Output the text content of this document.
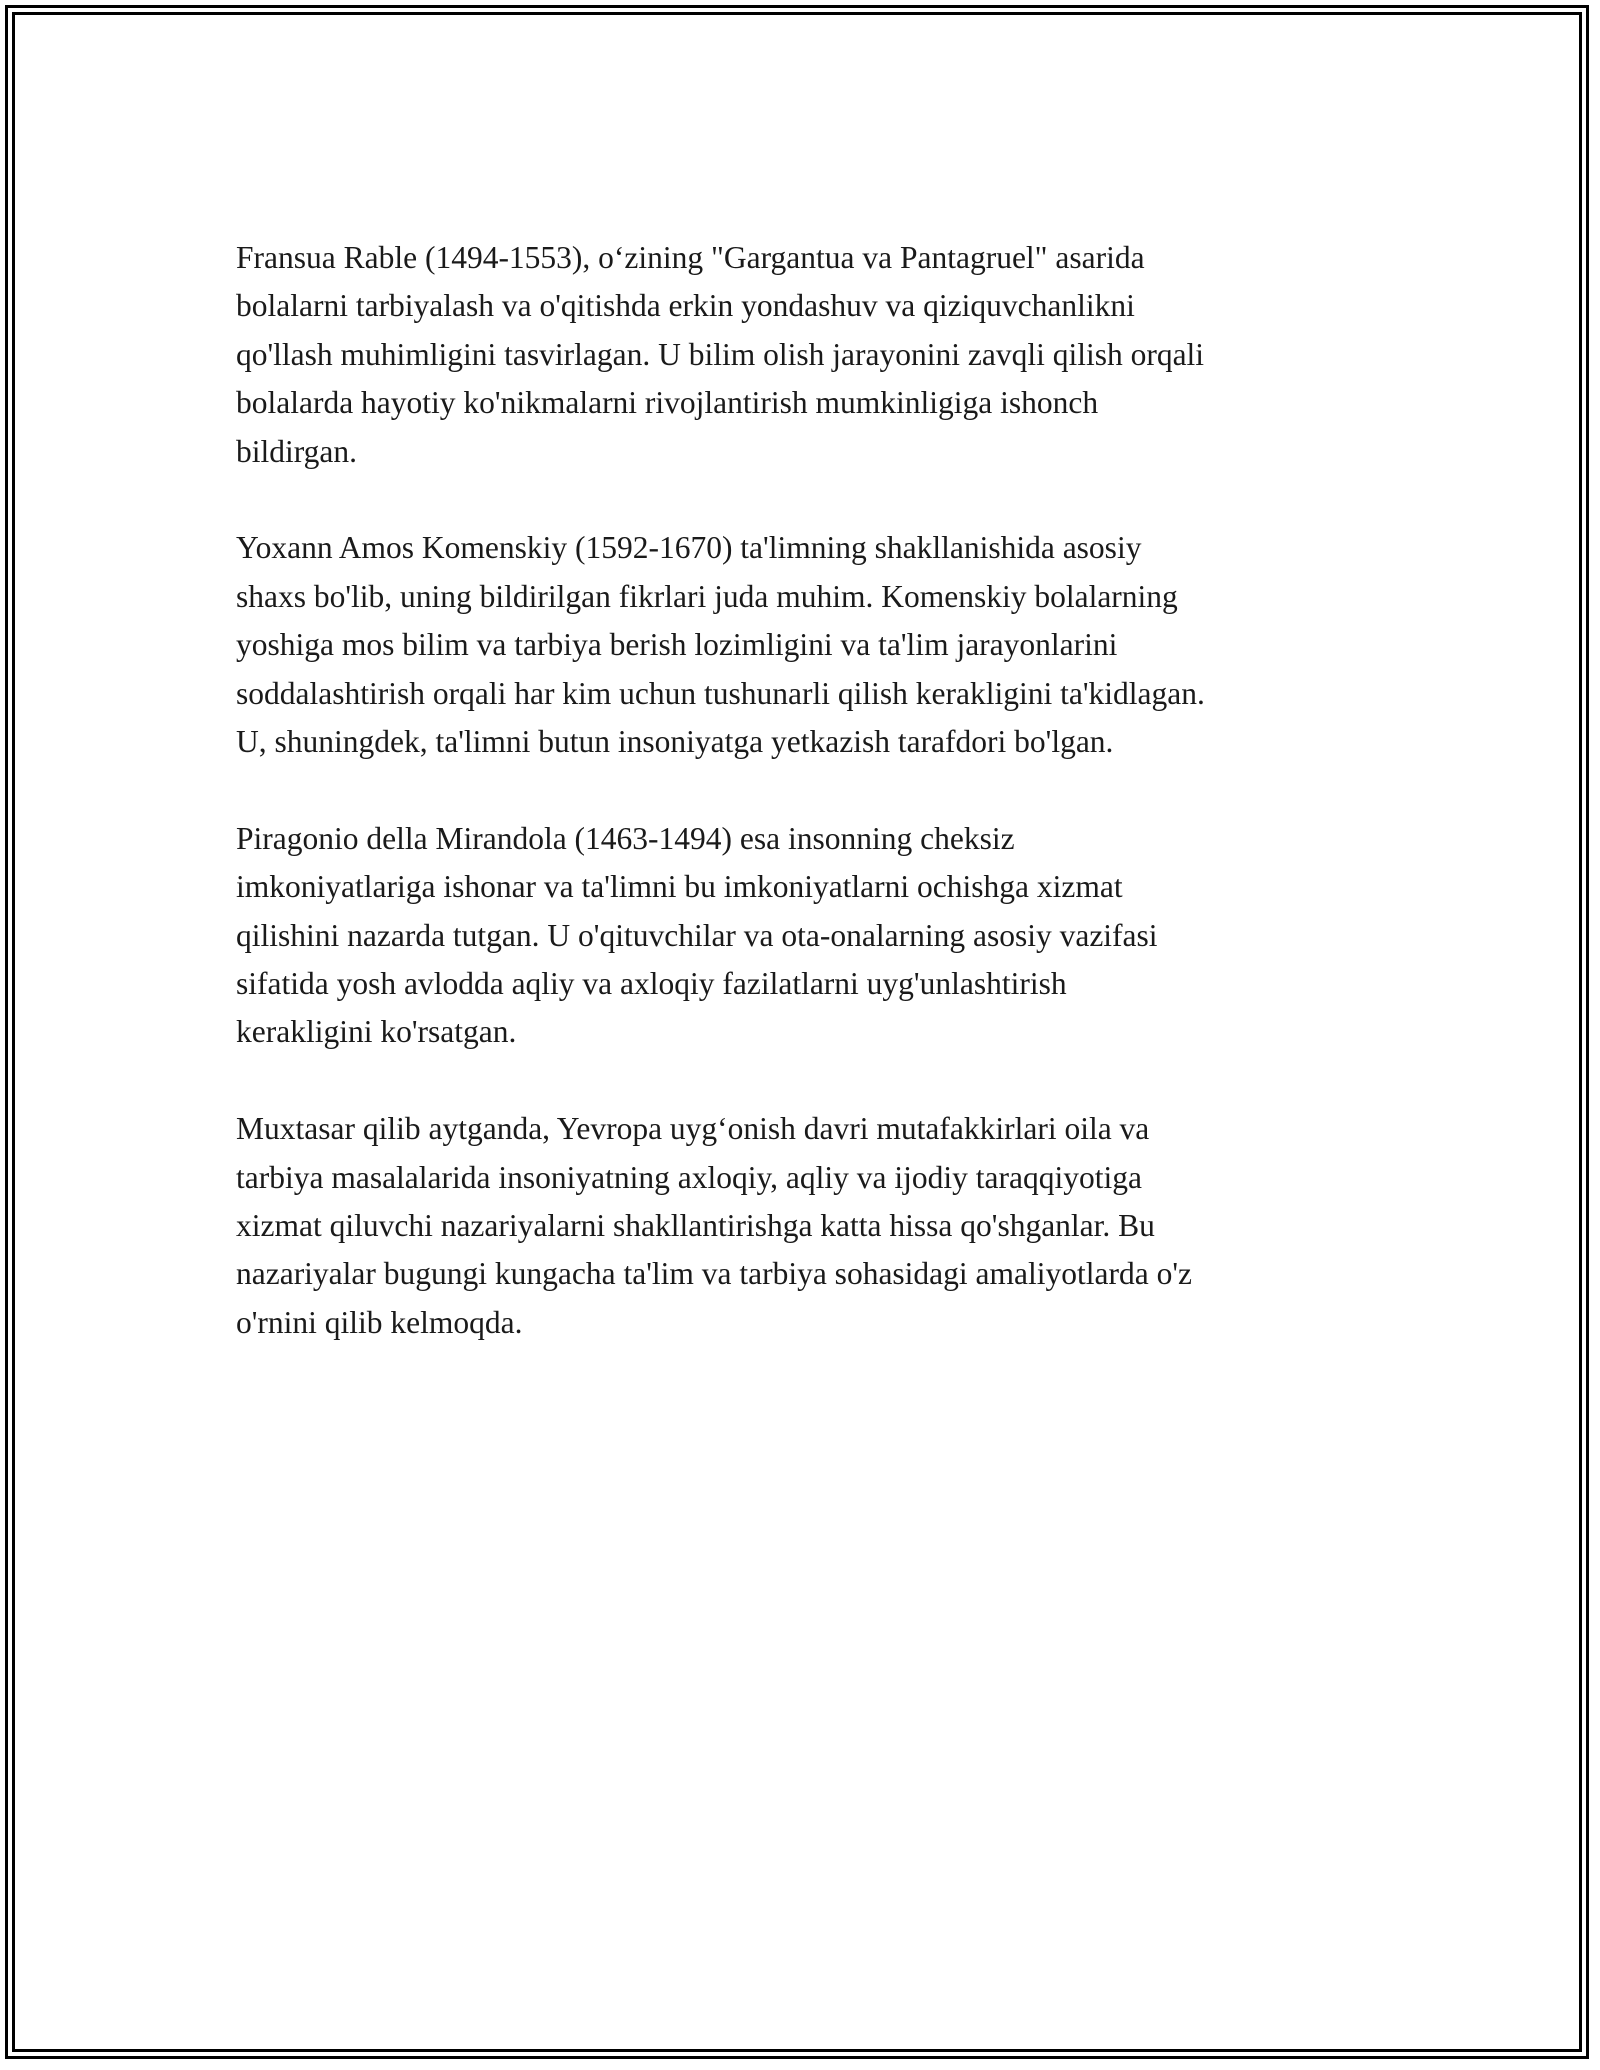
Fransua Rable (1494-1553), o‘zining "Gargantua va Pantagruel" asarida
bolalarni tarbiyalash va o'qitishda erkin yondashuv va qiziquvchanlikni
qo'llash muhimligini tasvirlagan. U bilim olish jarayonini zavqli qilish orqali
bolalarda hayotiy ko'nikmalarni rivojlantirish mumkinligiga ishonch
bildirgan.

Yoxann Amos Komenskiy (1592-1670) ta'limning shakllanishida asosiy
shaxs bo'lib, uning bildirilgan fikrlari juda muhim. Komenskiy bolalarning
yoshiga mos bilim va tarbiya berish lozimligini va ta'lim jarayonlarini
soddalashtirish orqali har kim uchun tushunarli qilish kerakligini ta'kidlagan.
U, shuningdek, ta'limni butun insoniyatga yetkazish tarafdori bo'lgan.

Piragonio della Mirandola (1463-1494) esa insonning cheksiz
imkoniyatlariga ishonar va ta'limni bu imkoniyatlarni ochishga xizmat
qilishini nazarda tutgan. U o'qituvchilar va ota-onalarning asosiy vazifasi
sifatida yosh avlodda aqliy va axloqiy fazilatlarni uyg'unlashtirish
kerakligini ko'rsatgan.

Muxtasar qilib aytganda, Yevropa uyg‘onish davri mutafakkirlari oila va
tarbiya masalalarida insoniyatning axloqiy, aqliy va ijodiy taraqqiyotiga
xizmat qiluvchi nazariyalarni shakllantirishga katta hissa qo'shganlar. Bu
nazariyalar bugungi kungacha ta'lim va tarbiya sohasidagi amaliyotlarda o'z
o'rnini qilib kelmoqda.
